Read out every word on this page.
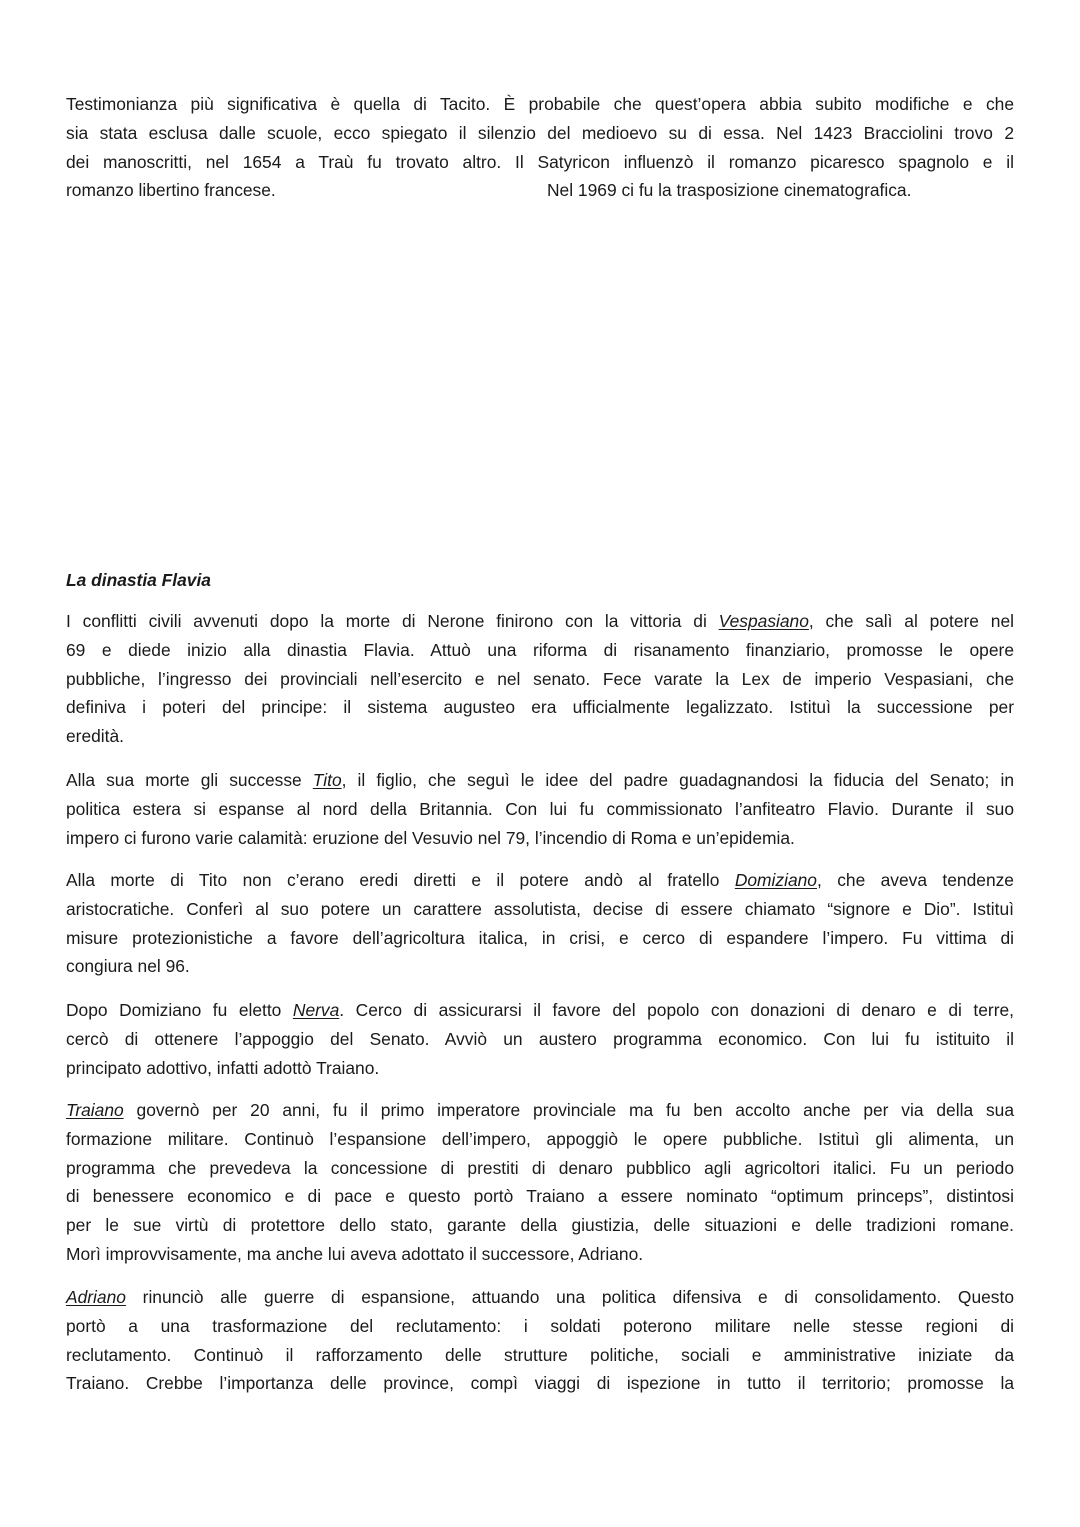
Testimonianza più significativa è quella di Tacito. È probabile che quest’opera abbia subito modifiche e che
sia stata esclusa dalle scuole, ecco spiegato il silenzio del medioevo su di essa. Nel 1423 Bracciolini trovo 2
dei manoscritti, nel 1654 a Traù fu trovato altro. Il Satyricon influenzò il romanzo picaresco spagnolo e il
romanzo libertino francese.	Nel 1969 ci fu la trasposizione cinematografica.
La dinastia Flavia
I conflitti civili avvenuti dopo la morte di Nerone finirono con la vittoria di Vespasiano, che salì al potere nel
69 e diede inizio alla dinastia Flavia. Attuò una riforma di risanamento finanziario, promosse le opere
pubbliche, l’ingresso dei provinciali nell’esercito e nel senato. Fece varate la Lex de imperio Vespasiani, che
definiva i poteri del principe: il sistema augusteo era ufficialmente legalizzato. Istituì la successione per
eredità.
Alla sua morte gli successe Tito, il figlio, che seguì le idee del padre guadagnandosi la fiducia del Senato; in
politica estera si espanse al nord della Britannia. Con lui fu commissionato l’anfiteatro Flavio. Durante il suo
impero ci furono varie calamità: eruzione del Vesuvio nel 79, l’incendio di Roma e un’epidemia.
Alla morte di Tito non c’erano eredi diretti e il potere andò al fratello Domiziano, che aveva tendenze
aristocratiche. Conferì al suo potere un carattere assolutista, decise di essere chiamato “signore e Dio”. Istituì
misure protezionistiche a favore dell’agricoltura italica, in crisi, e cerco di espandere l’impero. Fu vittima di
congiura nel 96.
Dopo Domiziano fu eletto Nerva. Cerco di assicurarsi il favore del popolo con donazioni di denaro e di terre,
cercò di ottenere l’appoggio del Senato. Avviò un austero programma economico. Con lui fu istituito il
principato adottivo, infatti adottò Traiano.
Traiano governò per 20 anni, fu il primo imperatore provinciale ma fu ben accolto anche per via della sua
formazione militare. Continuò l’espansione dell’impero, appoggiò le opere pubbliche. Istituì gli alimenta, un
programma che prevedeva la concessione di prestiti di denaro pubblico agli agricoltori italici. Fu un periodo
di benessere economico e di pace e questo portò Traiano a essere nominato “optimum princeps”, distintosi
per le sue virtù di protettore dello stato, garante della giustizia, delle situazioni e delle tradizioni romane.
Morì improvvisamente, ma anche lui aveva adottato il successore, Adriano.
Adriano rinunciò alle guerre di espansione, attuando una politica difensiva e di consolidamento. Questo
portò a una trasformazione del reclutamento: i soldati poterono militare nelle stesse regioni di
reclutamento. Continuò il rafforzamento delle strutture politiche, sociali e amministrative iniziate da
Traiano. Crebbe l’importanza delle province, compì viaggi di ispezione in tutto il territorio; promosse la
